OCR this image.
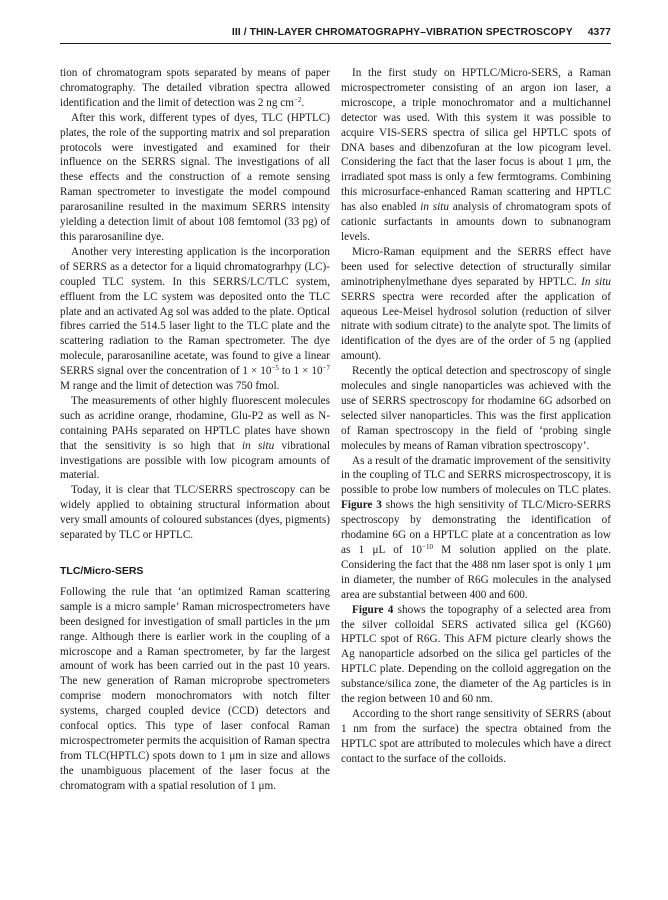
III / THIN-LAYER CHROMATOGRAPHY–VIBRATION SPECTROSCOPY 4377

tion of chromatogram spots separated by means of paper chromatography. The detailed vibration spectra allowed identification and the limit of detection was 2 ng $cm^{-2}$.

After this work, different types of dyes, TLC (HPTLC) plates, the role of the supporting matrix and sol preparation protocols were investigated and examined for their influence on the SERRS signal. The investigations of all these effects and the construction of a remote sensing Raman spectrometer to investigate the model compound pararosaniline resulted in the maximum SERRS intensity yielding a detection limit of about 108 femtomol (33 pg) of this pararosaniline dye.

Another very interesting application is the incorporation of SERRS as a detector for a liquid chromatograrhpy (LC)-coupled TLC system. In this SERRS/LC/TLC system, effluent from the LC system was deposited onto the TLC plate and an activated Ag sol was added to the plate. Optical fibres carried the 514.5 laser light to the TLC plate and the scattering radiation to the Raman spectrometer. The dye molecule, pararosaniline acetate, was found to give a linear SERRS signal over the concentration of $1 \times 10^{-5}$ to $1 \times 10^{-7}$ M range and the limit of detection was 750 fmol.

The measurements of other highly fluorescent molecules such as acridine orange, rhodamine, Glu-P2 as well as N-containing PAHs separated on HPTLC plates have shown that the sensitivity is so high that in situ vibrational investigations are possible with low picogram amounts of material.

Today, it is clear that TLC/SERRS spectroscopy can be widely applied to obtaining structural information about very small amounts of coloured substances (dyes, pigments) separated by TLC or HPTLC.

TLC/Micro-SERS

Following the rule that ‘an optimized Raman scattering sample is a micro sample’ Raman microspectrometers have been designed for investigation of small particles in the μm range. Although there is earlier work in the coupling of a microscope and a Raman spectrometer, by far the largest amount of work has been carried out in the past 10 years. The new generation of Raman microprobe spectrometers comprise modern monochromators with notch filter systems, charged coupled device (CCD) detectors and confocal optics. This type of laser confocal Raman microspectrometer permits the acquisition of Raman spectra from TLC(HPTLC) spots down to 1 μm in size and allows the unambiguous placement of the laser focus at the chromatogram with a spatial resolution of 1 μm.

In the first study on HPTLC/Micro-SERS, a Raman microspectrometer consisting of an argon ion laser, a microscope, a triple monochromator and a multichannel detector was used. With this system it was possible to acquire VIS-SERS spectra of silica gel HPTLC spots of DNA bases and dibenzofuran at the low picogram level. Considering the fact that the laser focus is about 1 μm, the irradiated spot mass is only a few fermtograms. Combining this microsurface-enhanced Raman scattering and HPTLC has also enabled in situ analysis of chromatogram spots of cationic surfactants in amounts down to subnanogram levels.

Micro-Raman equipment and the SERRS effect have been used for selective detection of structurally similar aminotriphenylmethane dyes separated by HPTLC. In situ SERRS spectra were recorded after the application of aqueous Lee-Meisel hydrosol solution (reduction of silver nitrate with sodium citrate) to the analyte spot. The limits of identification of the dyes are of the order of 5 ng (applied amount).

Recently the optical detection and spectroscopy of single molecules and single nanoparticles was achieved with the use of SERRS spectroscopy for rhodamine 6G adsorbed on selected silver nanoparticles. This was the first application of Raman spectroscopy in the field of ‘probing single molecules by means of Raman vibration spectroscopy’.

As a result of the dramatic improvement of the sensitivity in the coupling of TLC and SERRS microspectroscopy, it is possible to probe low numbers of molecules on TLC plates. Figure 3 shows the high sensitivity of TLC/Micro-SERRS spectroscopy by demonstrating the identification of rhodamine 6G on a HPTLC plate at a concentration as low as 1 μL of $10^{-10}$ M solution applied on the plate. Considering the fact that the 488 nm laser spot is only 1 μm in diameter, the number of R6G molecules in the analysed area are substantial between 400 and 600.

Figure 4 shows the topography of a selected area from the silver colloidal SERS activated silica gel (KG60) HPTLC spot of R6G. This AFM picture clearly shows the Ag nanoparticle adsorbed on the silica gel particles of the HPTLC plate. Depending on the colloid aggregation on the substance/silica zone, the diameter of the Ag particles is in the region between 10 and 60 nm.

According to the short range sensitivity of SERRS (about 1 nm from the surface) the spectra obtained from the HPTLC spot are attributed to molecules which have a direct contact to the surface of the colloids.
